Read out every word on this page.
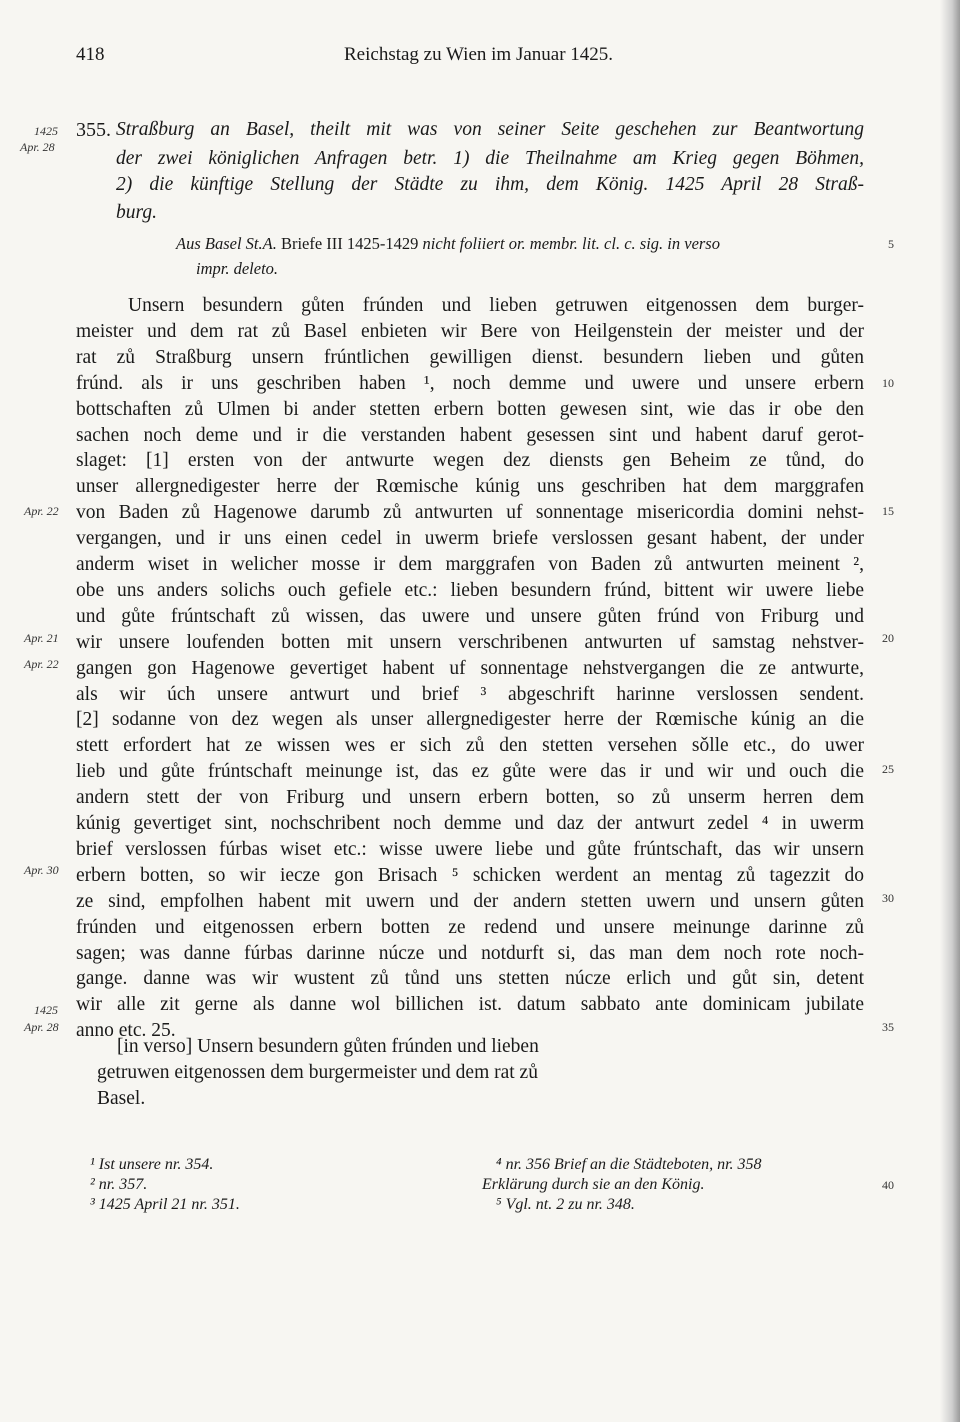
418	Reichstag zu Wien im Januar 1425.
1425
Apr. 28
Apr. 22
Apr. 21
Apr. 22
Apr. 30
1425
Apr. 28
5
10
15
20
25
30
35
40
355. Straßburg an Basel, theilt mit was von seiner Seite geschehen zur Beantwortung
der zwei königlichen Anfragen betr. 1) die Theilnahme am Krieg gegen Böhmen,
2) die künftige Stellung der Städte zu ihm, dem König. 1425 April 28 Straß-
burg.
Aus Basel St.A. Briefe III 1425-1429 nicht foliiert or. membr. lit. cl. c. sig. in verso
impr. deleto.
Unsern besundern gůten frúnden und lieben getruwen eitgenossen dem burger-
meister und dem rat zů Basel enbieten wir Bere von Heilgenstein der meister und der
rat zů Straßburg unsern frúntlichen gewilligen dienst. besundern lieben und gůten
frúnd. als ir uns geschriben haben ¹, noch demme und uwere und unsere erbern
bottschaften zů Ulmen bi ander stetten erbern botten gewesen sint, wie das ir obe den
sachen noch deme und ir die verstanden habent gesessen sint und habent daruf gerot-
slaget: [1] ersten von der antwurte wegen dez diensts gen Beheim ze tůnd, do
unser allergnedigester herre der Rœmische kúnig uns geschriben hat dem marggrafen
von Baden zů Hagenowe darumb zů antwurten uf sonnentage misericordia domini nehst-
vergangen, und ir uns einen cedel in uwerm briefe verslossen gesant habent, der under
anderm wiset in welicher mosse ir dem marggrafen von Baden zů antwurten meinent ²,
obe uns anders solichs ouch gefiele etc.: lieben besundern frúnd, bittent wir uwere liebe
und gůte frúntschaft zů wissen, das uwere und unsere gůten frúnd von Friburg und
wir unsere loufenden botten mit unsern verschribenen antwurten uf samstag nehstver-
gangen gon Hagenowe gevertiget habent uf sonnentage nehstvergangen die ze antwurte,
als wir úch unsere antwurt und brief ³ abgeschrift harinne verslossen sendent.
[2] sodanne von dez wegen als unser allergnedigester herre der Rœmische kúnig an die
stett erfordert hat ze wissen wes er sich zů den stetten versehen sǒlle etc., do uwer
lieb und gůte frúntschaft meinunge ist, das ez gůte were das ir und wir und ouch die
andern stett der von Friburg und unsern erbern botten, so zů unserm herren dem
kúnig gevertiget sint, nochschribent noch demme und daz der antwurt zedel ⁴ in uwerm
brief verslossen fúrbas wiset etc.: wisse uwere liebe und gůte frúntschaft, das wir unsern
erbern botten, so wir iecze gon Brisach ⁵ schicken werdent an mentag zů tagezzit do
ze sind, empfolhen habent mit uwern und der andern stetten uwern und unsern gůten
frúnden und eitgenossen erbern botten ze redend und unsere meinunge darinne zů
sagen; was danne fúrbas darinne núcze und notdurft si, das man dem noch rote noch-
gange. danne was wir wustent zů tůnd uns stetten núcze erlich und gůt sin, detent
wir alle zit gerne als danne wol billichen ist. datum sabbato ante dominicam jubilate
anno etc. 25.
[in verso] Unsern besundern gůten frúnden und lieben
getruwen eitgenossen dem burgermeister und dem rat zů
Basel.
¹ Ist unsere nr. 354.
² nr. 357.
³ 1425 April 21 nr. 351.
⁴ nr. 356 Brief an die Städteboten, nr. 358
Erklärung durch sie an den König.
⁵ Vgl. nt. 2 zu nr. 348.
